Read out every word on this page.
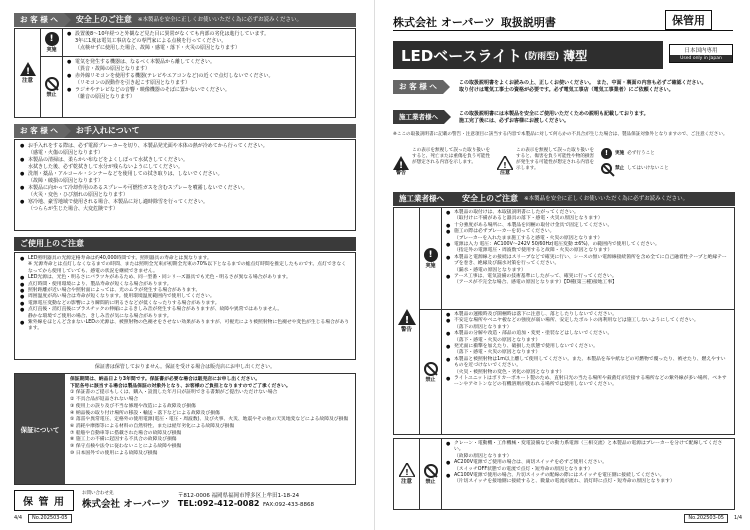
お 客 様 へ	安全上のご注意 ※本製品を安全に正しくお使いいただく為に必ずお読みください。
!
注意
!
実施
● 設置後8〜10年経つと外観など見た目に異常がなくても内部の劣化は進行しています。
3年に1度は電気工事店などの専門家による点検を行ってください。
（点検せずに使用した場合、故障・感電・落下・火災の原因となります）
禁止
● 電気を発生する機器は、なるべく本製品から離してください。
（異音・故障の原因となります）
● 赤外線リモコンを使用する機器(テレビやエアコンなど)の近くで点灯しないでください。
（リモコンの誤動作を引き起こす原因となります）
● ラジオやテレビなどの音響・映像機器のそばに置かないでください。
（雑音の原因となります）
お 客 様 へ	お手入れについて
● お手入れをする際は、必ず電源ブレーカーを切り、本製品発光面や本体の熱が冷めてから行ってください。
（感電・火傷の原因となります）
● 本製品の清掃は、柔らかい布などをよくしぼって水拭きしてください。
水拭きした後、必ず乾拭きして水分が残らないようにしてください。
● 洗剤・薬品・アルコール・シンナーなどを使用しての拭き取りは、しないでください。
（故障・破損の原因となります）
● 本製品に向かって冷却作用のあるスプレーや可燃性ガスを含むスプレーを噴霧しないでください。
（火災・変色・ひび割れの原因となります）
● 寒冷地、豪雪地域で使用される場合、本製品に対し適時除雪を行ってください。
（つららが生じた場合、大変危険です）
ご使用上のご注意
● LED照明器具の光源定格寿命は約40,000時間です。照明器具の寿命とは異なります。
※ 光源寿命とは点灯しなくなるまでの時間、または照明全光束が初期全光束の70%以下となるまでの総点灯時間を推定したものです。点灯できなくなってから使用していても、感電の状況を継続できません。
● LED光源は、光色・明るさにバラツキがあるため、同一型番・同シリーズ器具でも光色・明るさが異なる場合があります。
● 点灯時間・使用環境により、製品寿命が短くなる場合があります。
● 照射距離が近い場合や照射面によっては、光のムラが発生する場合があります。
● 周囲温度が高い場合は寿命が短くなります。使用環境温度範囲内で使用してください。
● 電源電圧変動などの影響により瞬間的に明るさなどが低くなったりする場合があります。
● 点灯直後・消灯直後にプラスチックの伸縮によるきしみ音が発生する場合がありますが、故障や異常ではありません。
静かな環境でご使用の場合、きしみ音が気になる場合があります。
● 紫外線をほとんど含まないLEDの光源は、被照射物の色褪せをさせない効果がありますが、可視光により被照射物に色褪せや変色が生じる場合があります。
保証書は保管しておりません。保証を受ける場合は販売店にお申し出ください。
保証について
保証期間は、納品日より3年間です。保証書が必要な場合は販売店にお申し出ください。
下記各号に該当する場合は製品保証の対象外となり、お客様のご負担となりますのでご了承ください。
① 保証書のご提示もしくは、購入・設置した年月日が証明できる書類がご提出いただけない場合
② 不具合品が返品されない場合
③ 使用上の誤り及び不当な修理や改造による故障及び損傷
④ 納品後の取り付け場所の移設・輸送・落下などによる故障及び損傷
⑤ 落雷や異常電圧、定格外の使用電源(電圧・電圧・周波数)、及び火事、火災、地震やその他の天災地変などによる故障及び損傷
⑥ 消耗や摩擦等による材料の自然特性、または経年劣化による故障及び損傷
⑦ 船舶や自動車等に搭載された場合の故障及び損傷
⑧ 施工上の不備に起因する不具合の故障及び損傷
⑨ 保守点検や法令に従わないことによる故障や損傷
⑩ 日本国外での使用による故障及び損傷
保 管 用
お問い合わせ先
株式会社 オーパーツ
〒812-0006 福岡県福岡市博多区上牟田1-18-24
TEL:092-412-0082 FAX:092-433-8868
4/4	No.202503-05
株式会社 オーパーツ 取扱説明書	保管用
LEDベースライト (防雨型) 薄型	日本国内専用
Used only in Japan
お 客 様 へ	この取扱説明書をよくお読みの上、正しくお使いください。　また、中面・裏面の内容も必ずご確認ください。
取り付けは電気工事士の資格が必要です。必ず電気工事店（電気工事業者）にご依頼ください。
施工業者様へ	この取扱説明書には本製品を安全にご使用いただくための説明も記載しております。
施工完了後には、必ずお客様にお渡しください。
※ここの取扱説明書に記載の警告・注意項目に該当する内容で本製品に対して何らかの不具合が生じた場合は、製品保証対象外となりますので、ご注意ください。
!
警告
この表示を無視して誤った取り扱いをすると、死亡または重傷を負う可能性が想定される内容を示します。	!
注意
この表示を無視して誤った取り扱いをすると、傷害を負う可能性や物的損害が発生する可能性が想定される内容を示します。
!	実施 必ず行うこと
禁止 してはいけないこと
施工業者様へ	安全上のご注意 ※本製品を安全に正しくお使いいただく為に必ずお読みください。
!
警告
!
実施
● 本製品の取付けは、本取扱説明書にしたがってください。
（取付けに不備があると器具の落下・感電・火災の原因となります）
● 十分強度がある場所に、本製品を同梱の取付け金具で固定してください。
● 施工の際は必ずブレーカーを切ってください。
（ブレーカーを入れたまま施工すると感電・火災の原因となります）
● 電源は入力 電圧：AC100V〜242V 50/60Hz(電圧変動 ±6%)、の範囲内で使用してください。
（指定外の電源電圧・周波数で使用すると故障・火災の原因となります）
● 本製品と電源線との接続はスリーブなどで確実に行い、シースの無い電源線接続箇所を含め全てに自己融着性テープと絶縁テープを巻き、絶縁及び漏水対策を行ってください。
（漏水・感電の原因となります）
● アース工事は、電気設備の技術基準にしたがって、確実に行ってください。
（アースが不完全な場合、感電の原因となります）【D種(第三種)接地工事】
禁止
● 本製品の運搬時及び開梱時は落下に注意し、落としたりしないでください。
● 不安定な場所やベニヤ板などの強度が弱い場所、安定したボルトの再利用などは施工しないようにしてください。
（落下の原因となります）
● 本製品の分解や改造・部品の追加・変更・塗装などはしないでください。
（落下・感電・火災の原因となります）
● 発光面に衝撃を加えたり、破損した状態で使用しないでください。
（落下・感電・火災の原因となります）
● 本製品と被照射物は1m以上離して使用してください。また、本製品を布や紙などの可燃物で覆ったり、被せたり、燃えやすいものを近づけないでください。
（火災・被照射物の変色・劣化の原因となります）
● ライトユニットはポリカーボネート製のため、直射日光の当たる場所や殺菌灯が近接する場所などの紫外線が多い場所、ベキサーンやアセトンなどの有機溶剤が使われる場所では使用しないでください。
!
注意	禁止
● クレーン・電動機・工作機械・変電設備などの動力系電源（三相交流）と本製品の電源はブレーカーを分けて配線してください。
（故障の原因となります）
● AC200V電源でご使用の場合は、両切スイッチを必ずご使用ください。
（スイッチOFF状態での電流で点灯・短寿命の原因となります）
● AC100V電源で使用の場合、片切スイッチの配線の際にはスイッチを電圧側に接続してください。
（片切スイッチを接地側に接続すると、微量の電流が流れ、消灯時に点灯・短寿命の原因となります）
No.202503-05	1/4
